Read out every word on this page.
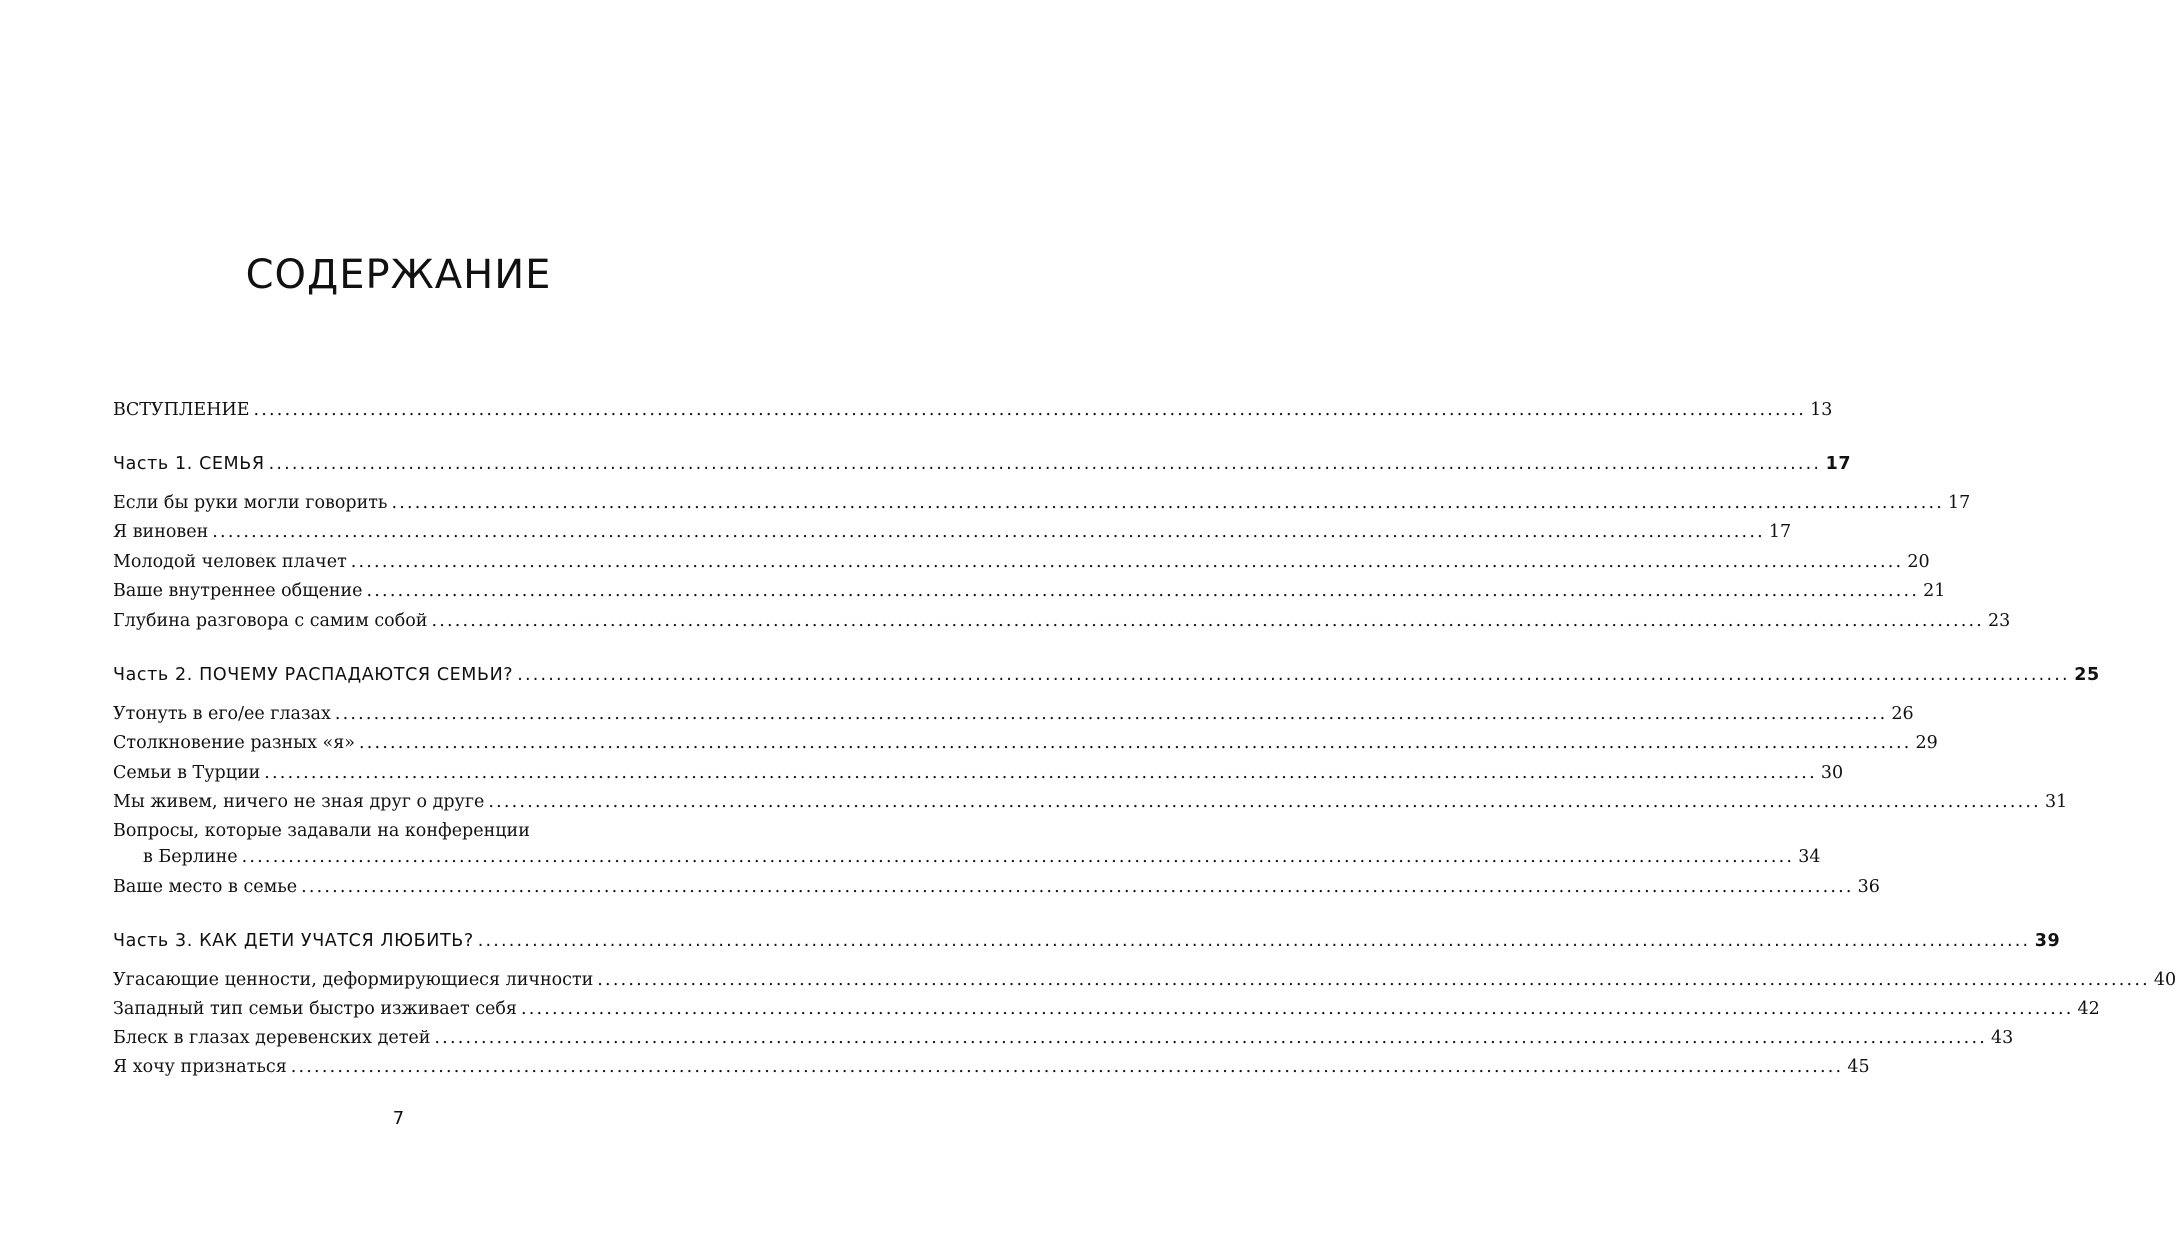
СОДЕРЖАНИЕ
ВСТУПЛЕНИЕ ........................................................................................................................................................................................................ 13
Часть 1. СЕМЬЯ ........................................................................................................................................................................................................ 17
Если бы руки могли говорить ........................................................................................................................................................................................................ 17
Я виновен ........................................................................................................................................................................................................ 17
Молодой человек плачет ........................................................................................................................................................................................................ 20
Ваше внутреннее общение ........................................................................................................................................................................................................ 21
Глубина разговора с самим собой ........................................................................................................................................................................................................ 23
Часть 2. ПОЧЕМУ РАСПАДАЮТСЯ СЕМЬИ? ........................................................................................................................................................................................................ 25
Утонуть в его/ее глазах ........................................................................................................................................................................................................ 26
Столкновение разных «я» ........................................................................................................................................................................................................ 29
Семьи в Турции ........................................................................................................................................................................................................ 30
Мы живем, ничего не зная друг о друге ........................................................................................................................................................................................................ 31
Вопросы, которые задавали на конференции
в Берлине ........................................................................................................................................................................................................ 34
Ваше место в семье ........................................................................................................................................................................................................ 36
Часть 3. КАК ДЕТИ УЧАТСЯ ЛЮБИТЬ? ........................................................................................................................................................................................................ 39
Угасающие ценности, деформирующиеся личности ........................................................................................................................................................................................................ 40
Западный тип семьи быстро изживает себя ........................................................................................................................................................................................................ 42
Блеск в глазах деревенских детей ........................................................................................................................................................................................................ 43
Я хочу признаться ........................................................................................................................................................................................................ 45
7
